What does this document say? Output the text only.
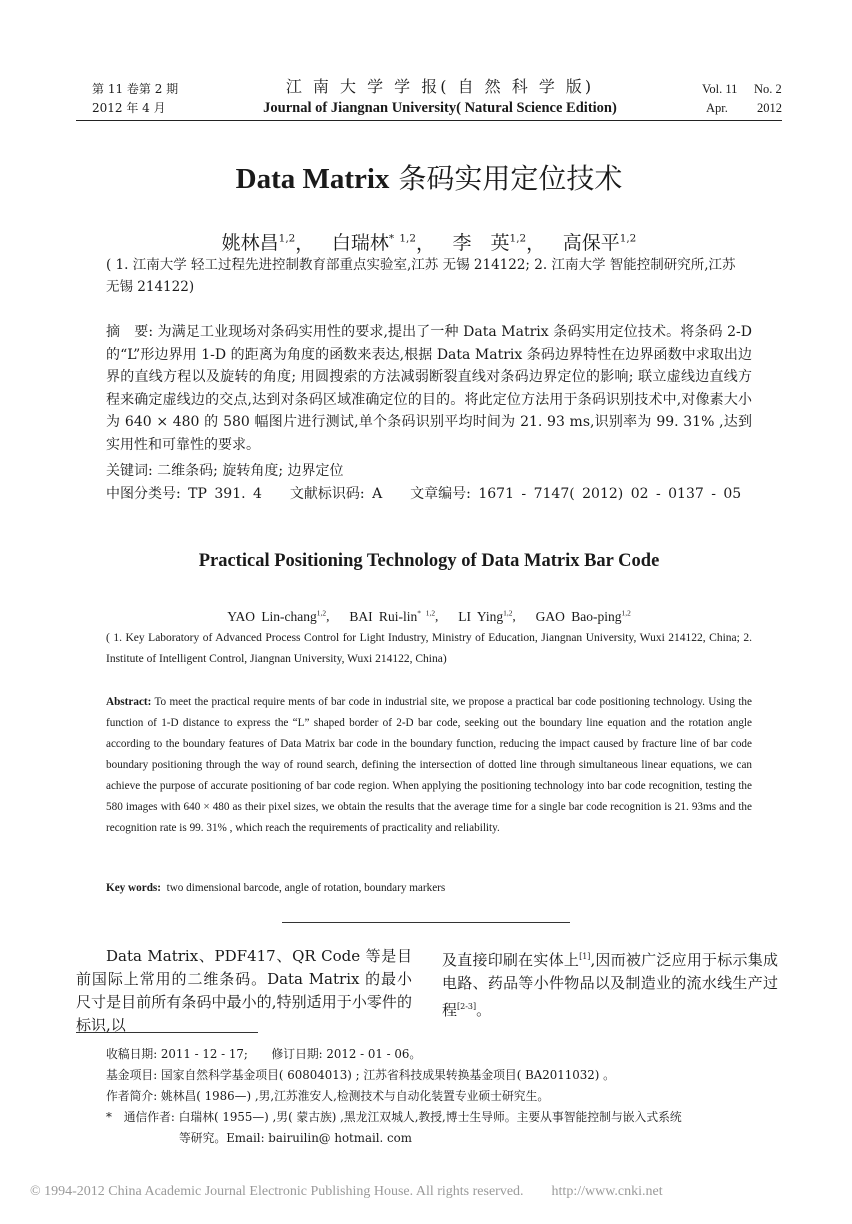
第 11 卷第 2 期
2012 年 4 月
江 南 大 学 学 报( 自 然 科 学 版)
Journal of Jiangnan University( Natural Science Edition)
Vol. 11 No. 2
Apr. 2012
Data Matrix 条码实用定位技术
姚林昌$^{1,2}$，　 白瑞林$^{* 1,2}$，　 李　英$^{1,2}$，　 高保平$^{1,2}$
( 1. 江南大学 轻工过程先进控制教育部重点实验室,江苏 无锡 214122; 2. 江南大学 智能控制研究所,江苏 无锡 214122)
摘　要: 为满足工业现场对条码实用性的要求,提出了一种 Data Matrix 条码实用定位技术。将条码 2-D 的“L”形边界用 1-D 的距离为角度的函数来表达,根据 Data Matrix 条码边界特性在边界函数中求取出边界的直线方程以及旋转的角度; 用圆搜索的方法减弱断裂直线对条码边界定位的影响; 联立虚线边直线方程来确定虚线边的交点,达到对条码区域准确定位的目的。将此定位方法用于条码识别技术中,对像素大小为 640 × 480 的 580 幅图片进行测试,单个条码识别平均时间为 21. 93 ms,识别率为 99. 31% ,达到实用性和可靠性的要求。
关键词: 二维条码; 旋转角度; 边界定位
中图分类号: TP 391. 4　　文献标识码: A　　文章编号: 1671 - 7147( 2012) 02 - 0137 - 05
Practical Positioning Technology of Data Matrix Bar Code
YAO Lin-chang$^{1,2}$,　 BAI Rui-lin$^{* 1,2}$,　 LI Ying$^{1,2}$,　 GAO Bao-ping$^{1,2}$
( 1. Key Laboratory of Advanced Process Control for Light Industry, Ministry of Education, Jiangnan University, Wuxi 214122, China; 2. Institute of Intelligent Control, Jiangnan University, Wuxi 214122, China)
Abstract: To meet the practical require ments of bar code in industrial site, we propose a practical bar code positioning technology. Using the function of 1-D distance to express the “L” shaped border of 2-D bar code, seeking out the boundary line equation and the rotation angle according to the boundary features of Data Matrix bar code in the boundary function, reducing the impact caused by fracture line of bar code boundary positioning through the way of round search, defining the intersection of dotted line through simultaneous linear equations, we can achieve the purpose of accurate positioning of bar code region. When applying the positioning technology into bar code recognition, testing the 580 images with 640 × 480 as their pixel sizes, we obtain the results that the average time for a single bar code recognition is 21. 93ms and the recognition rate is 99. 31% , which reach the requirements of practicality and reliability.
Key words: two dimensional barcode, angle of rotation, boundary markers
Data Matrix、PDF417、QR Code 等是目前国际上常用的二维条码。Data Matrix 的最小尺寸是目前所有条码中最小的,特别适用于小零件的标识,以
及直接印刷在实体上[1],因而被广泛应用于标示集成电路、药品等小件物品以及制造业的流水线生产过程[2-3]。
收稿日期: 2011 - 12 - 17;　　修订日期: 2012 - 01 - 06。
基金项目: 国家自然科学基金项目( 60804013) ; 江苏省科技成果转换基金项目( BA2011032) 。
作者简介: 姚林昌( 1986—) ,男,江苏淮安人,检测技术与自动化装置专业硕士研究生。
*　通信作者: 白瑞林( 1955—) ,男( 蒙古族) ,黑龙江双城人,教授,博士生导师。主要从事智能控制与嵌入式系统
等研究。Email: bairuilin@ hotmail. com
© 1994-2012 China Academic Journal Electronic Publishing House. All rights reserved.　　http://www.cnki.net
